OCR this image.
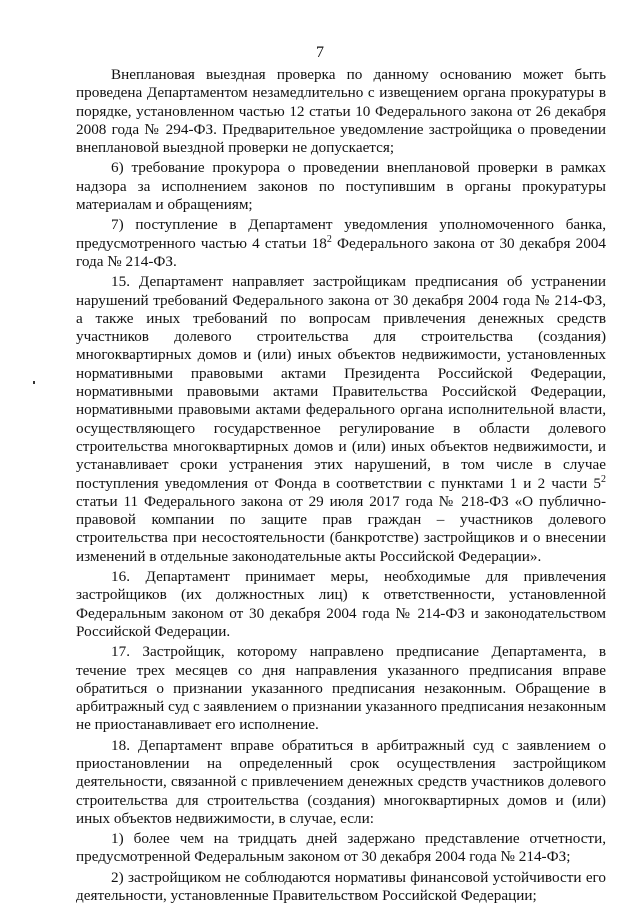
7

Внеплановая выездная проверка по данному основанию может быть проведена Департаментом незамедлительно с извещением органа прокуратуры в порядке, установленном частью 12 статьи 10 Федерального закона от 26 декабря 2008 года № 294-ФЗ. Предварительное уведомление застройщика о проведении внеплановой выездной проверки не допускается;

6) требование прокурора о проведении внеплановой проверки в рамках надзора за исполнением законов по поступившим в органы прокуратуры материалам и обращениям;

7) поступление в Департамент уведомления уполномоченного банка, предусмотренного частью 4 статьи $18^2$ Федерального закона от 30 декабря 2004 года № 214-ФЗ.

15. Департамент направляет застройщикам предписания об устранении нарушений требований Федерального закона от 30 декабря 2004 года № 214-ФЗ, а также иных требований по вопросам привлечения денежных средств участников долевого строительства для строительства (создания) многоквартирных домов и (или) иных объектов недвижимости, установленных нормативными правовыми актами Президента Российской Федерации, нормативными правовыми актами Правительства Российской Федерации, нормативными правовыми актами федерального органа исполнительной власти, осуществляющего государственное регулирование в области долевого строительства многоквартирных домов и (или) иных объектов недвижимости, и устанавливает сроки устранения этих нарушений, в том числе в случае поступления уведомления от Фонда в соответствии с пунктами 1 и 2 части $5^2$ статьи 11 Федерального закона от 29 июля 2017 года № 218-ФЗ «О публично-правовой компании по защите прав граждан – участников долевого строительства при несостоятельности (банкротстве) застройщиков и о внесении изменений в отдельные законодательные акты Российской Федерации».

16. Департамент принимает меры, необходимые для привлечения застройщиков (их должностных лиц) к ответственности, установленной Федеральным законом от 30 декабря 2004 года № 214-ФЗ и законодательством Российской Федерации.

17. Застройщик, которому направлено предписание Департамента, в течение трех месяцев со дня направления указанного предписания вправе обратиться о признании указанного предписания незаконным. Обращение в арбитражный суд с заявлением о признании указанного предписания незаконным не приостанавливает его исполнение.

18. Департамент вправе обратиться в арбитражный суд с заявлением о приостановлении на определенный срок осуществления застройщиком деятельности, связанной с привлечением денежных средств участников долевого строительства для строительства (создания) многоквартирных домов и (или) иных объектов недвижимости, в случае, если:

1) более чем на тридцать дней задержано представление отчетности, предусмотренной Федеральным законом от 30 декабря 2004 года № 214-ФЗ;

2) застройщиком не соблюдаются нормативы финансовой устойчивости его деятельности, установленные Правительством Российской Федерации;
